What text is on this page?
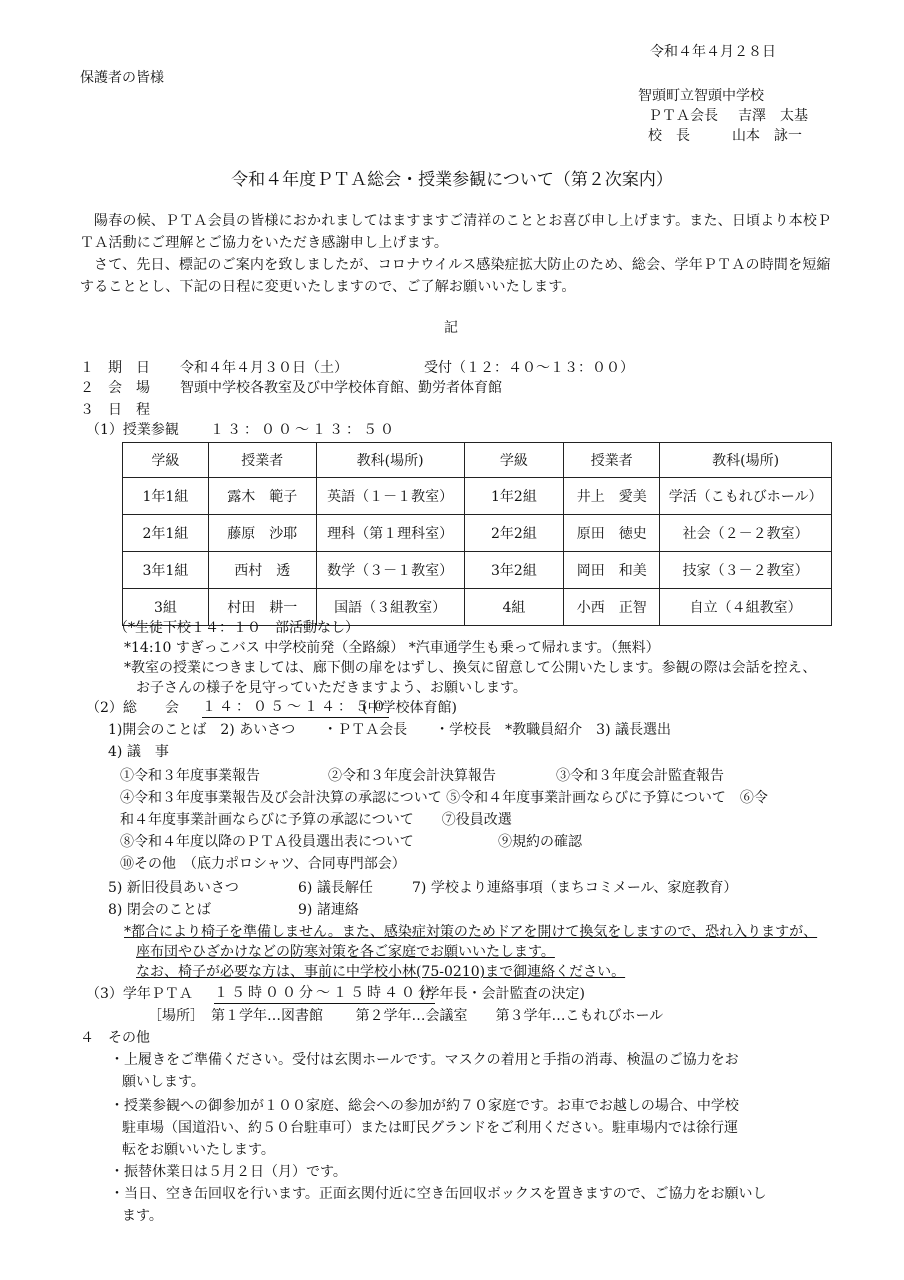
令和４年４月２８日
保護者の皆様
智頭町立智頭中学校
ＰＴＡ会長 吉澤　太基
校　長	山本　詠一
令和４年度ＰＴＡ総会・授業参観について（第２次案内）
陽春の候、ＰＴＡ会員の皆様におかれましてはますますご清祥のこととお喜び申し上げます。また、日頃より本校ＰＴＡ活動にご理解とご協力をいただき感謝申し上げます。
さて、先日、標記のご案内を致しましたが、コロナウイルス感染症拡大防止のため、総会、学年ＰＴＡの時間を短縮することとし、下記の日程に変更いたしますので、ご了解お願いいたします。
記
１　期　日 令和４年４月３０日（土）	受付（１２：４０～１３：００）
２　会　場 智頭中学校各教室及び中学校体育館、勤労者体育館
３　日　程
（1）授業参観 １３：００～１３：５０
学級	授業者	教科(場所)	学級	授業者	教科(場所)
1年1組	露木　範子	英語（１－１教室）	1年2組	井上　愛美	学活（こもれびホール）
2年1組	藤原　沙耶	理科（第１理科室）	2年2組	原田　徳史	社会（２－２教室）
3年1組	西村　透	数学（３－１教室）	3年2組	岡田　和美	技家（３－２教室）
3組	村田　耕一	国語（３組教室）	4組	小西　正智	自立（４組教室）
（*生徒下校１４：１０　部活動なし）
*14:10 すぎっこバス 中学校前発（全路線） *汽車通学生も乗って帰れます。（無料）
*教室の授業につきましては、廊下側の扉をはずし、換気に留意して公開いたします。参観の際は会話を控え、
お子さんの様子を見守っていただきますよう、お願いします。
（2）総　　会 １４：０５～１４：５０
(中学校体育館)
1)開会のことば　2) あいさつ　　・ＰＴＡ会長　　・学校長　*教職員紹介　3) 議長選出
4) 議　事
①令和３年度事業報告	②令和３年度会計決算報告	③令和３年度会計監査報告
④令和３年度事業報告及び会計決算の承認について ⑤令和４年度事業計画ならびに予算について　⑥令
和４年度事業計画ならびに予算の承認について　　⑦役員改選
⑧令和４年度以降のＰＴＡ役員選出表について	⑨規約の確認
⑩その他　（底力ポロシャツ、合同専門部会）
5) 新旧役員あいさつ	6) 議長解任	7) 学校より連絡事項（まちコミメール、家庭教育）
8) 閉会のことば	9) 諸連絡
*都合により椅子を準備しません。また、感染症対策のためドアを開けて換気をしますので、恐れ入りますが、
座布団やひざかけなどの防寒対策を各ご家庭でお願いいたします。
なお、椅子が必要な方は、事前に中学校小林(75-0210)まで御連絡ください。
（3）学年ＰＴＡ １５時００分～１５時４０分
(学年長・会計監査の決定)
［場所］　第１学年…図書館　　 第２学年…会議室　　第３学年…こもれびホール
４　その他
・上履きをご準備ください。受付は玄関ホールです。マスクの着用と手指の消毒、検温のご協力をお
願いします。
・授業参観への御参加が１００家庭、総会への参加が約７０家庭です。お車でお越しの場合、中学校
駐車場（国道沿い、約５０台駐車可）または町民グランドをご利用ください。駐車場内では徐行運
転をお願いいたします。
・振替休業日は５月２日（月）です。
・当日、空き缶回収を行います。正面玄関付近に空き缶回収ボックスを置きますので、ご協力をお願いし
ます。
